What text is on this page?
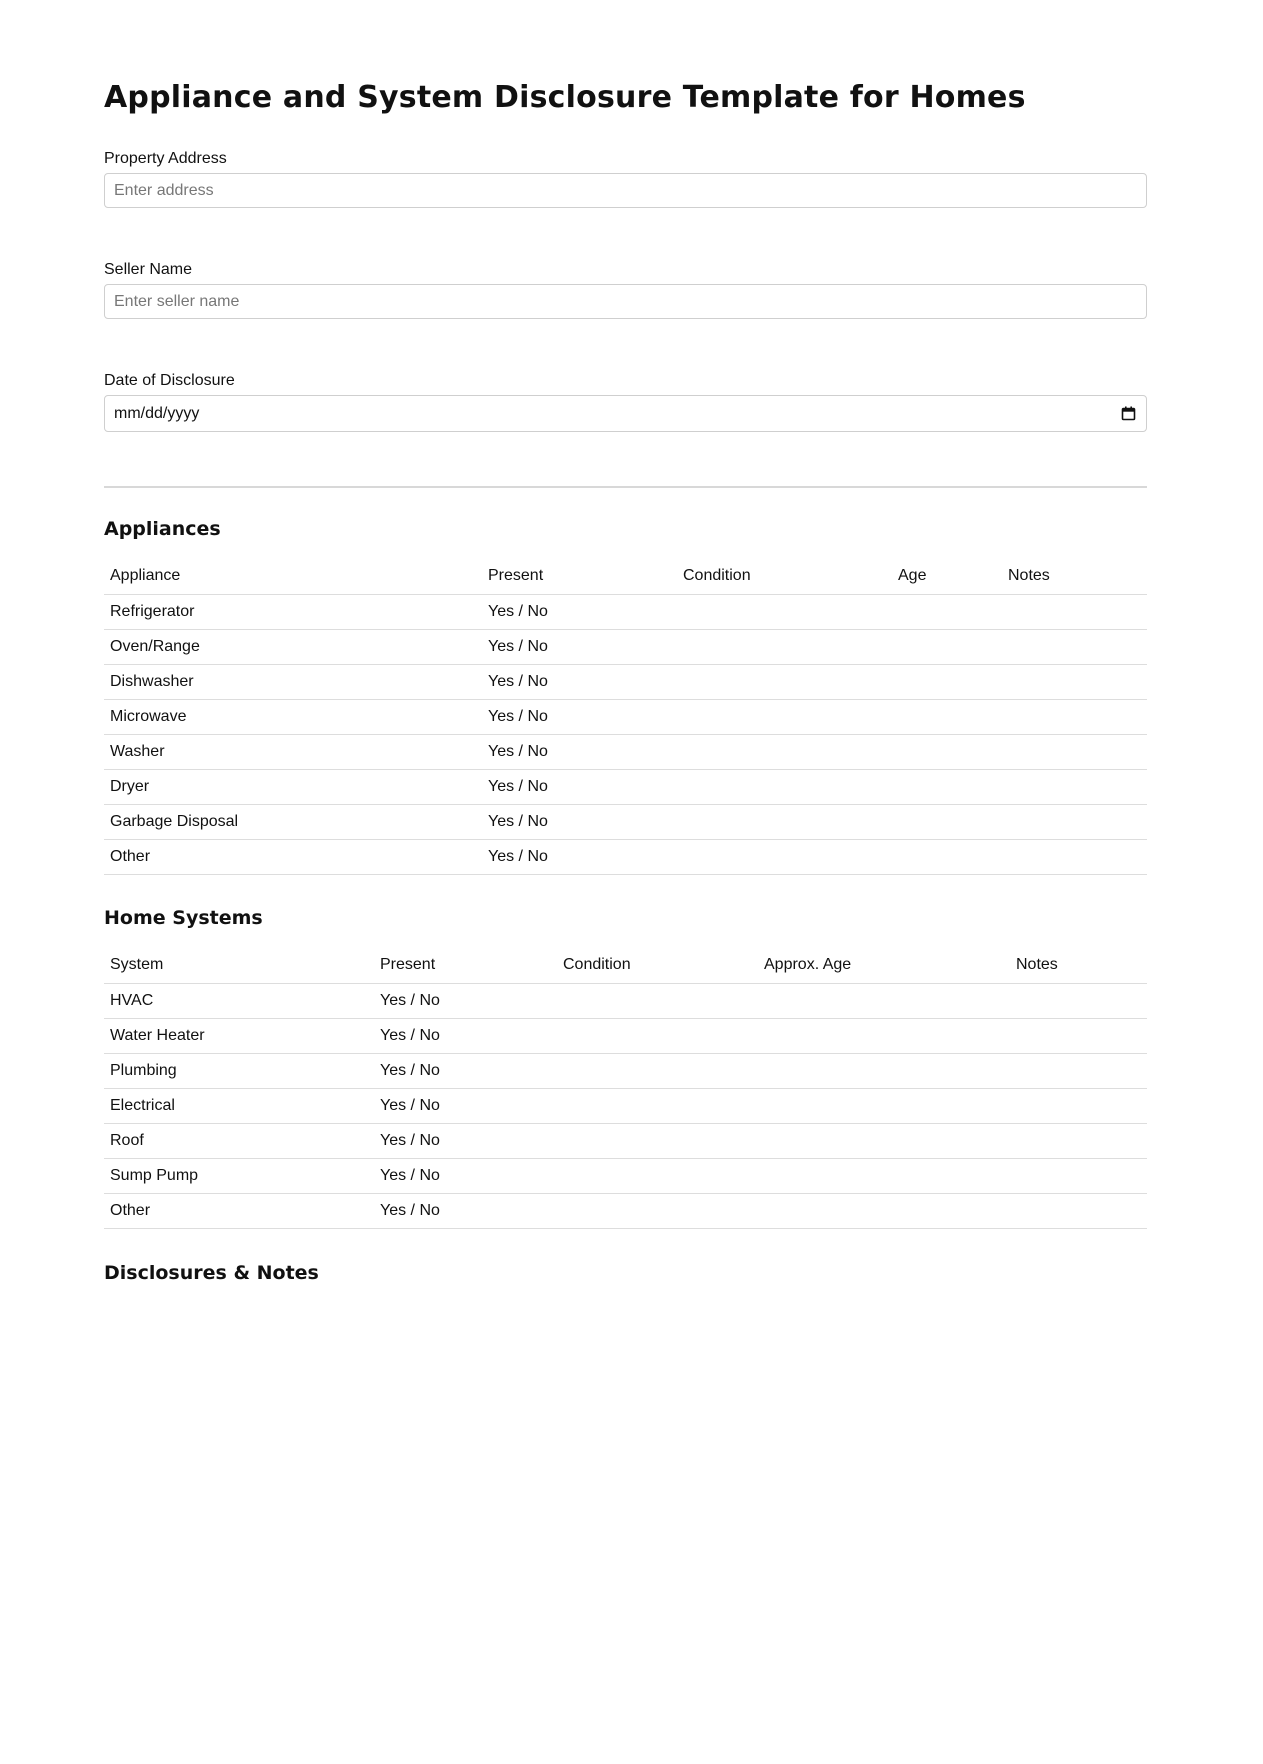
Appliance and System Disclosure Template for Homes
Property Address
Enter address
Seller Name
Enter seller name
Date of Disclosure
mm/dd/yyyy
Appliances
Appliance	Present	Condition	Age	Notes
Refrigerator	Yes / No			
Oven/Range	Yes / No			
Dishwasher	Yes / No			
Microwave	Yes / No			
Washer	Yes / No			
Dryer	Yes / No			
Garbage Disposal	Yes / No			
Other	Yes / No			
Home Systems
System	Present	Condition	Approx. Age	Notes
HVAC	Yes / No			
Water Heater	Yes / No			
Plumbing	Yes / No			
Electrical	Yes / No			
Roof	Yes / No			
Sump Pump	Yes / No			
Other	Yes / No			
Disclosures & Notes
